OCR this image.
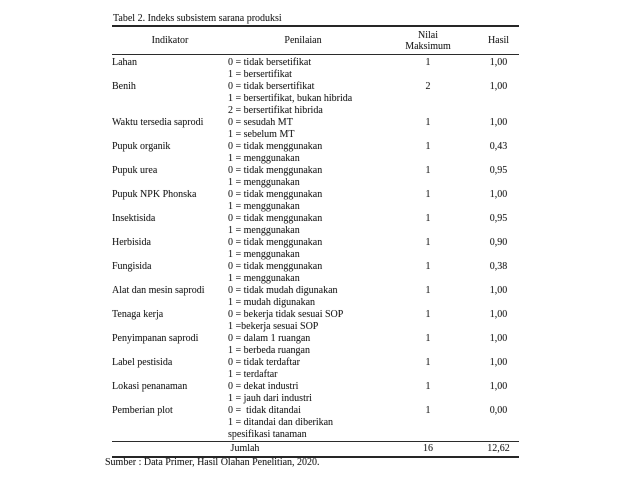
Tabel 2. Indeks subsistem sarana produksi
Indikator	Penilaian	Nilai Maksimum	Hasil
Lahan	0 = tidak bersetifikat
1 = bersertifikat	1	1,00
Benih	0 = tidak bersertifikat
1 = bersertifikat, bukan hibrida
2 = bersertifikat hibrida	2	1,00
Waktu tersedia saprodi	0 = sesudah MT
1 = sebelum MT	1	1,00
Pupuk organik	0 = tidak menggunakan
1 = menggunakan	1	0,43
Pupuk urea	0 = tidak menggunakan
1 = menggunakan	1	0,95
Pupuk NPK Phonska	0 = tidak menggunakan
1 = menggunakan	1	1,00
Insektisida	0 = tidak menggunakan
1 = menggunakan	1	0,95
Herbisida	0 = tidak menggunakan
1 = menggunakan	1	0,90
Fungisida	0 = tidak menggunakan
1 = menggunakan	1	0,38
Alat dan mesin saprodi	0 = tidak mudah digunakan
1 = mudah digunakan	1	1,00
Tenaga kerja	0 = bekerja tidak sesuai SOP
1 =bekerja sesuai SOP	1	1,00
Penyimpanan saprodi	0 = dalam 1 ruangan
1 = berbeda ruangan	1	1,00
Label pestisida	0 = tidak terdaftar
1 = terdaftar	1	1,00
Lokasi penanaman	0 = dekat industri
1 = jauh dari industri	1	1,00
Pemberian plot	0 =  tidak ditandai
1 = ditandai dan diberikan
spesifikasi tanaman	1	0,00
Jumlah		16	12,62
Sumber : Data Primer, Hasil Olahan Penelitian, 2020.
